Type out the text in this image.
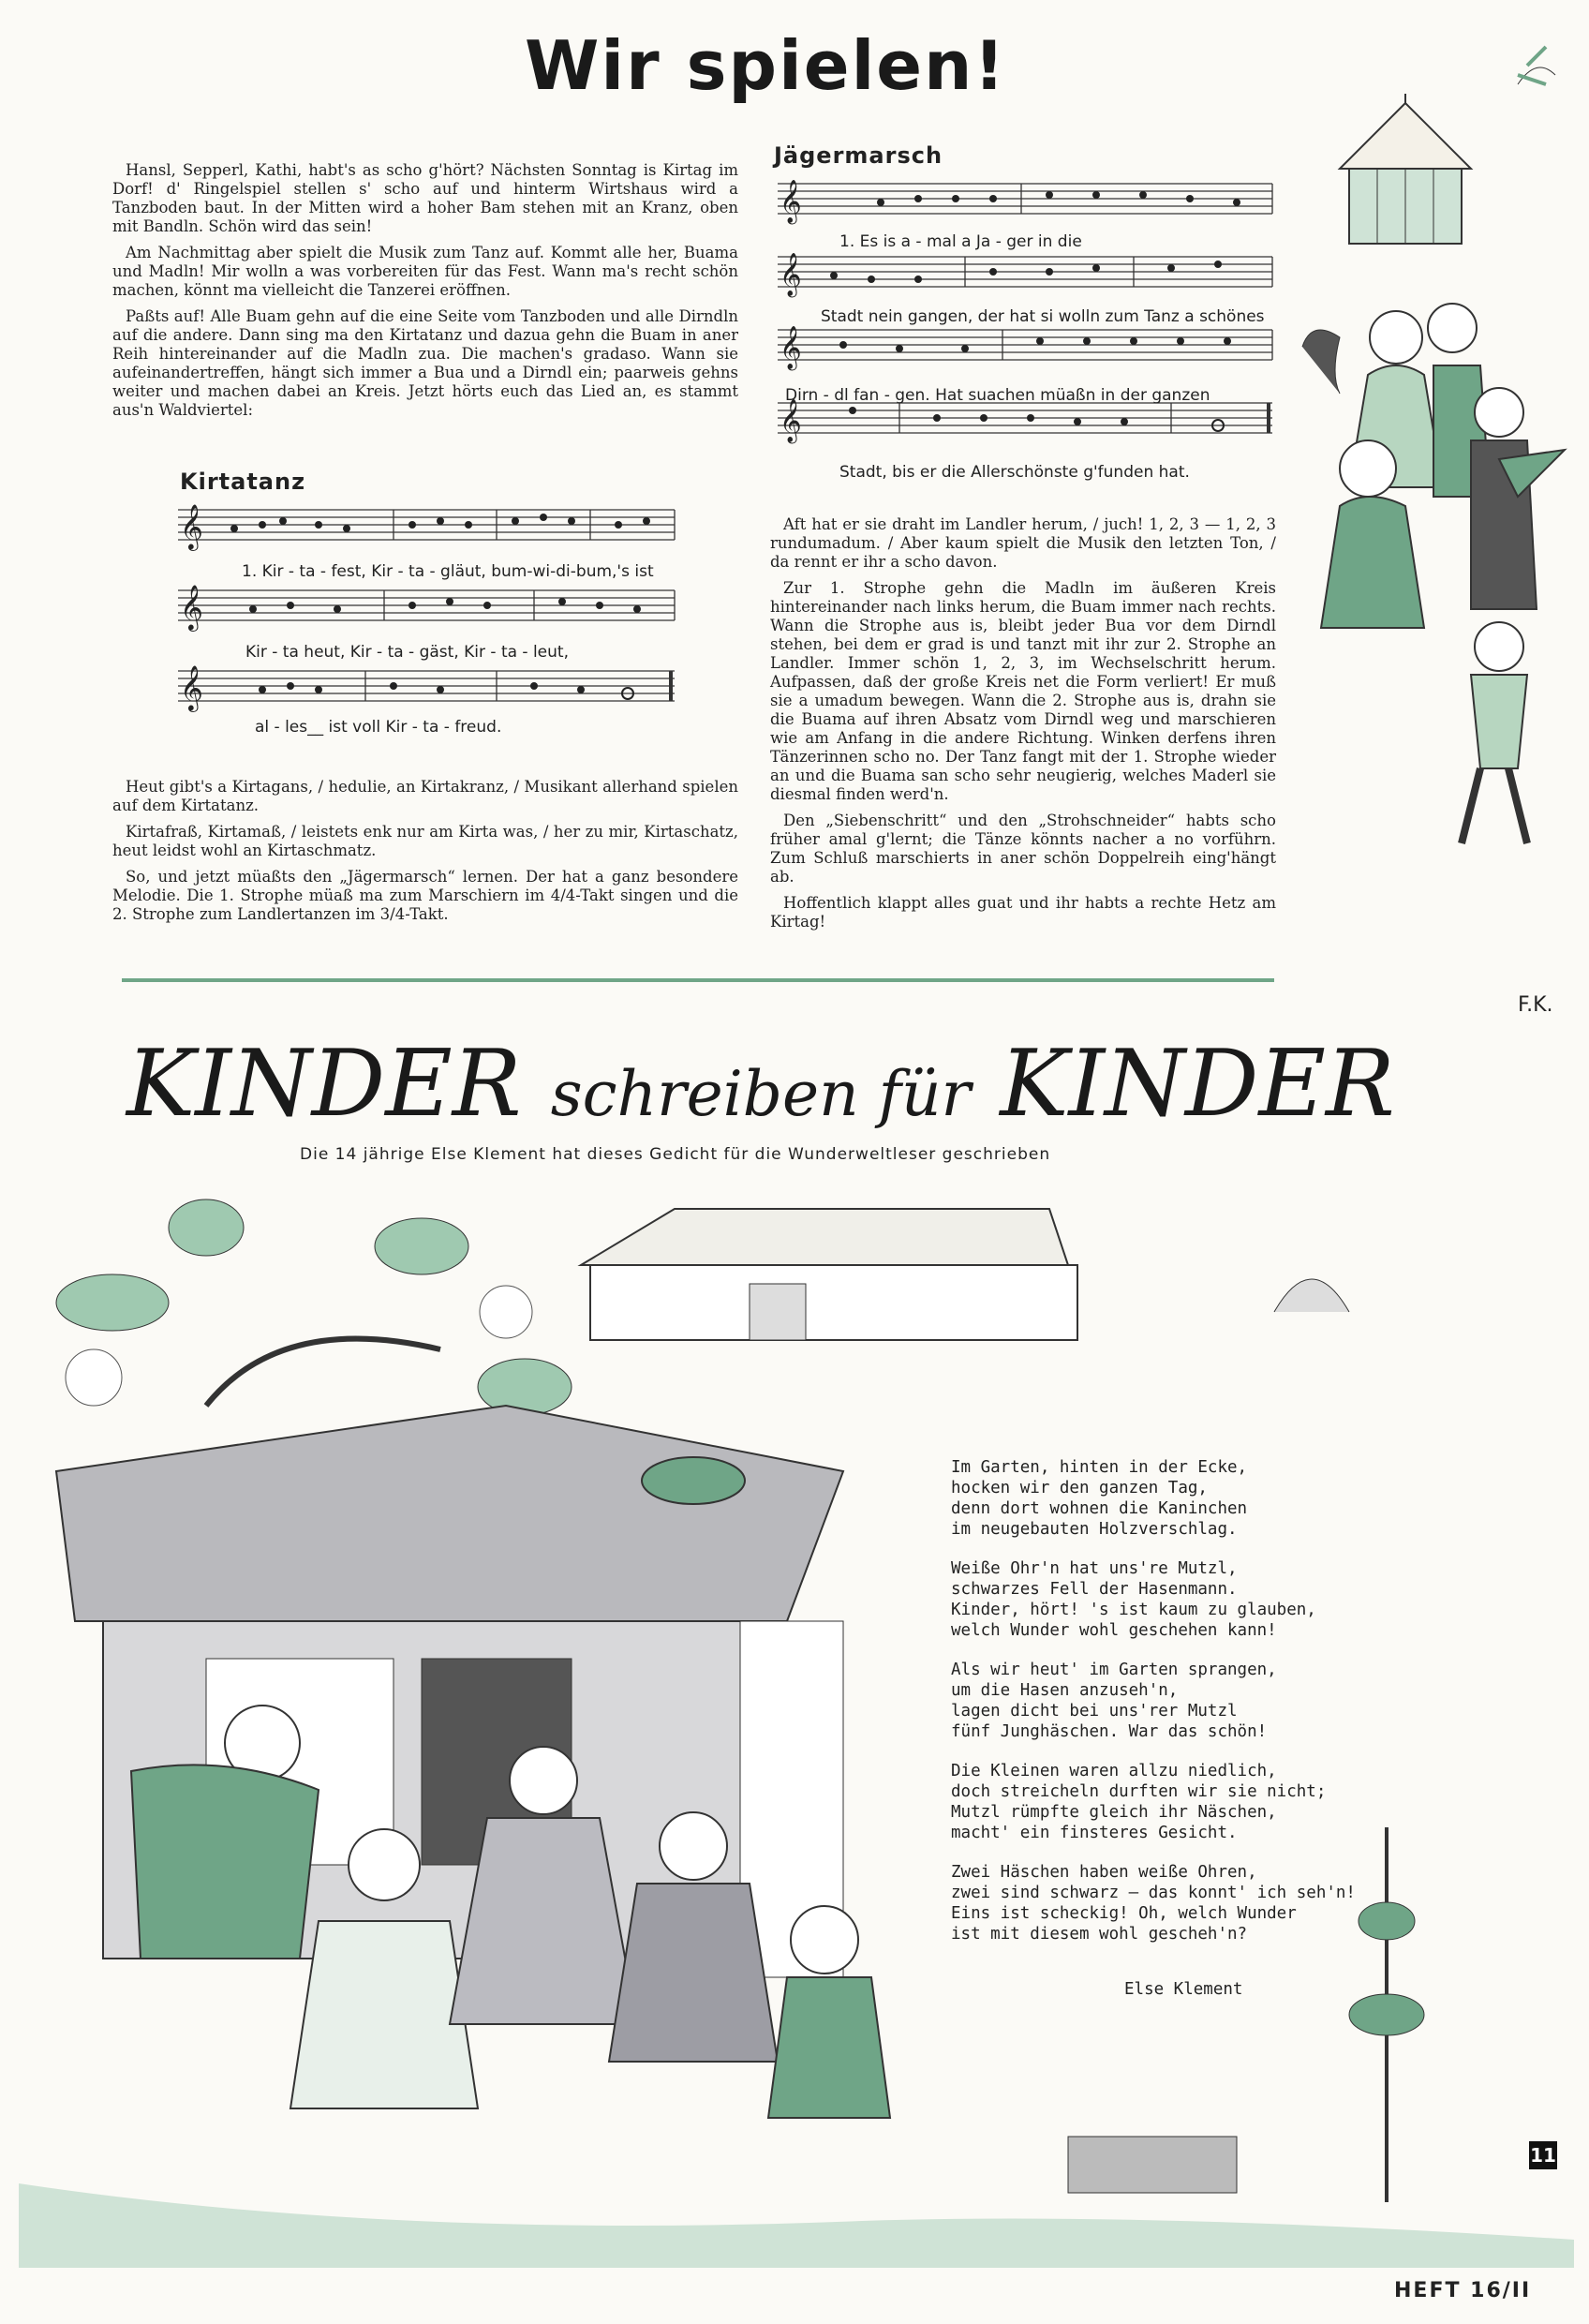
Wir spielen!

Hansl, Sepperl, Kathi, habt's as scho g'hört? Nächsten Sonntag is Kirtag im Dorf! d' Ringelspiel stellen s' scho auf und hinterm Wirtshaus wird a Tanzboden baut. In der Mitten wird a hoher Bam stehen mit an Kranz, oben mit Bandln. Schön wird das sein!

Am Nachmittag aber spielt die Musik zum Tanz auf. Kommt alle her, Buama und Madln! Mir wolln a was vorbereiten für das Fest. Wann ma's recht schön machen, könnt ma vielleicht die Tanzerei eröffnen.

Paßts auf! Alle Buam gehn auf die eine Seite vom Tanzboden und alle Dirndln auf die andere. Dann sing ma den Kirtatanz und dazua gehn die Buam in aner Reih hintereinander auf die Madln zua. Die machen's gradaso. Wann sie aufeinandertreffen, hängt sich immer a Bua und a Dirndl ein; paarweis gehns weiter und machen dabei an Kreis. Jetzt hörts euch das Lied an, es stammt aus'n Waldviertel:

Kirtatanz
𝄞
𝄞
𝄞
1. Kir - ta - fest, Kir - ta - gläut, bum-wi-di-bum,'s ist
Kir - ta heut, Kir - ta - gäst, Kir - ta - leut,
al - les__ ist voll Kir - ta - freud.

Heut gibt's a Kirtagans, / hedulie, an Kirtakranz, / Musikant allerhand spielen auf dem Kirtatanz.

Kirtafraß, Kirtamaß, / leistets enk nur am Kirta was, / her zu mir, Kirtaschatz, heut leidst wohl an Kirtaschmatz.

So, und jetzt müaßts den „Jägermarsch“ lernen. Der hat a ganz besondere Melodie. Die 1. Strophe müaß ma zum Marschiern im 4/4-Takt singen und die 2. Strophe zum Landlertanzen im 3/4-Takt.

Jägermarsch
𝄞
𝄞
𝄞
𝄞
1. Es is a - mal a Ja - ger in die
Stadt nein gangen, der hat si wolln zum Tanz a schönes
Dirn - dl fan - gen. Hat suachen müaßn in der ganzen
Stadt, bis er die Allerschönste g'funden hat.

Aft hat er sie draht im Landler herum, / juch! 1, 2, 3 — 1, 2, 3 rundumadum. / Aber kaum spielt die Musik den letzten Ton, / da rennt er ihr a scho davon.

Zur 1. Strophe gehn die Madln im äußeren Kreis hintereinander nach links herum, die Buam immer nach rechts. Wann die Strophe aus is, bleibt jeder Bua vor dem Dirndl stehen, bei dem er grad is und tanzt mit ihr zur 2. Strophe an Landler. Immer schön 1, 2, 3, im Wechselschritt herum. Aufpassen, daß der große Kreis net die Form verliert! Er muß sie a umadum bewegen. Wann die 2. Strophe aus is, drahn sie die Buama auf ihren Absatz vom Dirndl weg und marschieren wie am Anfang in die andere Richtung. Winken derfens ihren Tänzerinnen scho no. Der Tanz fangt mit der 1. Strophe wieder an und die Buama san scho sehr neugierig, welches Maderl sie diesmal finden werd'n.

Den „Siebenschritt“ und den „Strohschneider“ habts scho früher amal g'lernt; die Tänze könnts nacher a no vorführn. Zum Schluß marschierts in aner schön Doppelreih eing'hängt ab.

Hoffentlich klappt alles guat und ihr habts a rechte Hetz am Kirtag!

F.K.
KINDER schreiben für KINDER
Die 14 jährige Else Klement hat dieses Gedicht für die Wunderweltleser geschrieben
Im Garten, hinten in der Ecke,
hocken wir den ganzen Tag,
denn dort wohnen die Kaninchen
im neugebauten Holzverschlag.
Weiße Ohr'n hat uns're Mutzl,
schwarzes Fell der Hasenmann.
Kinder, hört! 's ist kaum zu glauben,
welch Wunder wohl geschehen kann!
Als wir heut' im Garten sprangen,
um die Hasen anzuseh'n,
lagen dicht bei uns'rer Mutzl
fünf Junghäschen. War das schön!
Die Kleinen waren allzu niedlich,
doch streicheln durften wir sie nicht;
Mutzl rümpfte gleich ihr Näschen,
macht' ein finsteres Gesicht.
Zwei Häschen haben weiße Ohren,
zwei sind schwarz — das konnt' ich seh'n!
Eins ist scheckig! Oh, welch Wunder
ist mit diesem wohl gescheh'n?
Else Klement
11
HEFT 16/II
